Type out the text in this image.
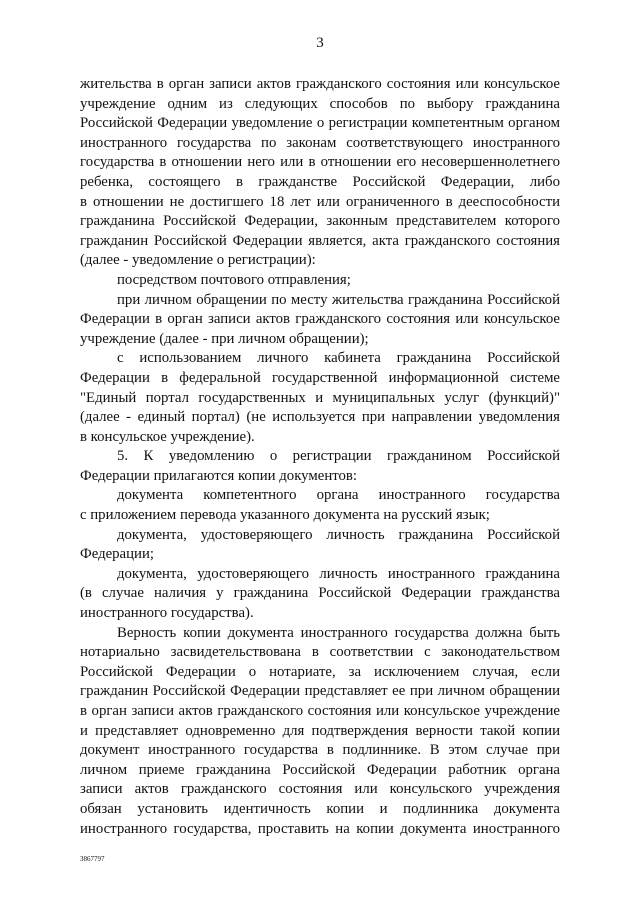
3
жительства в орган записи актов гражданского состояния или консульское
учреждение одним из следующих способов по выбору гражданина
Российской Федерации уведомление о регистрации компетентным органом
иностранного государства по законам соответствующего иностранного
государства в отношении него или в отношении его несовершеннолетнего
ребенка, состоящего в гражданстве Российской Федерации, либо
в отношении не достигшего 18 лет или ограниченного в дееспособности
гражданина Российской Федерации, законным представителем которого
гражданин Российской Федерации является, акта гражданского состояния
(далее - уведомление о регистрации):
посредством почтового отправления;
при личном обращении по месту жительства гражданина Российской
Федерации в орган записи актов гражданского состояния или консульское
учреждение (далее - при личном обращении);
с использованием личного кабинета гражданина Российской
Федерации в федеральной государственной информационной системе
"Единый портал государственных и муниципальных услуг (функций)"
(далее - единый портал) (не используется при направлении уведомления
в консульское учреждение).
5. К уведомлению о регистрации гражданином Российской
Федерации прилагаются копии документов:
документа компетентного органа иностранного государства
с приложением перевода указанного документа на русский язык;
документа, удостоверяющего личность гражданина Российской
Федерации;
документа, удостоверяющего личность иностранного гражданина
(в случае наличия у гражданина Российской Федерации гражданства
иностранного государства).
Верность копии документа иностранного государства должна быть
нотариально засвидетельствована в соответствии с законодательством
Российской Федерации о нотариате, за исключением случая, если
гражданин Российской Федерации представляет ее при личном обращении
в орган записи актов гражданского состояния или консульское учреждение
и представляет одновременно для подтверждения верности такой копии
документ иностранного государства в подлиннике. В этом случае при
личном приеме гражданина Российской Федерации работник органа
записи актов гражданского состояния или консульского учреждения
обязан установить идентичность копии и подлинника документа
иностранного государства, проставить на копии документа иностранного
3867797
